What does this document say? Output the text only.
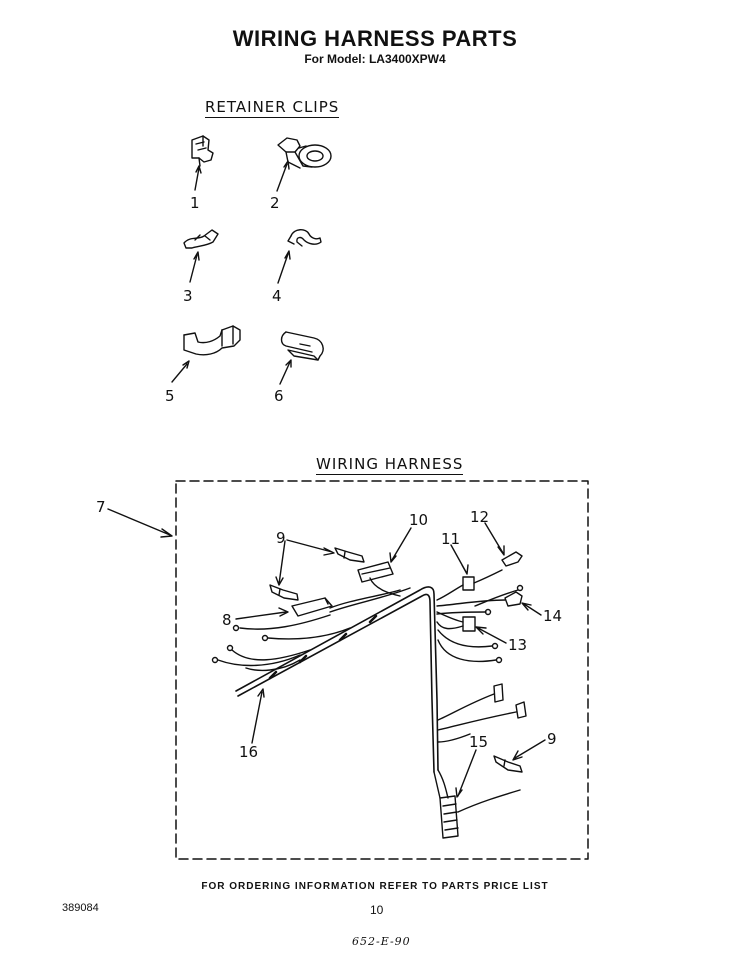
WIRING HARNESS PARTS
For Model: LA3400XPW4
RETAINER CLIPS
WIRING HARNESS
1	2
3	4
5	6
7
8
9
10
11
12
13
14
15
16
9
FOR ORDERING INFORMATION REFER TO PARTS PRICE LIST
389084	10
652-E-90
